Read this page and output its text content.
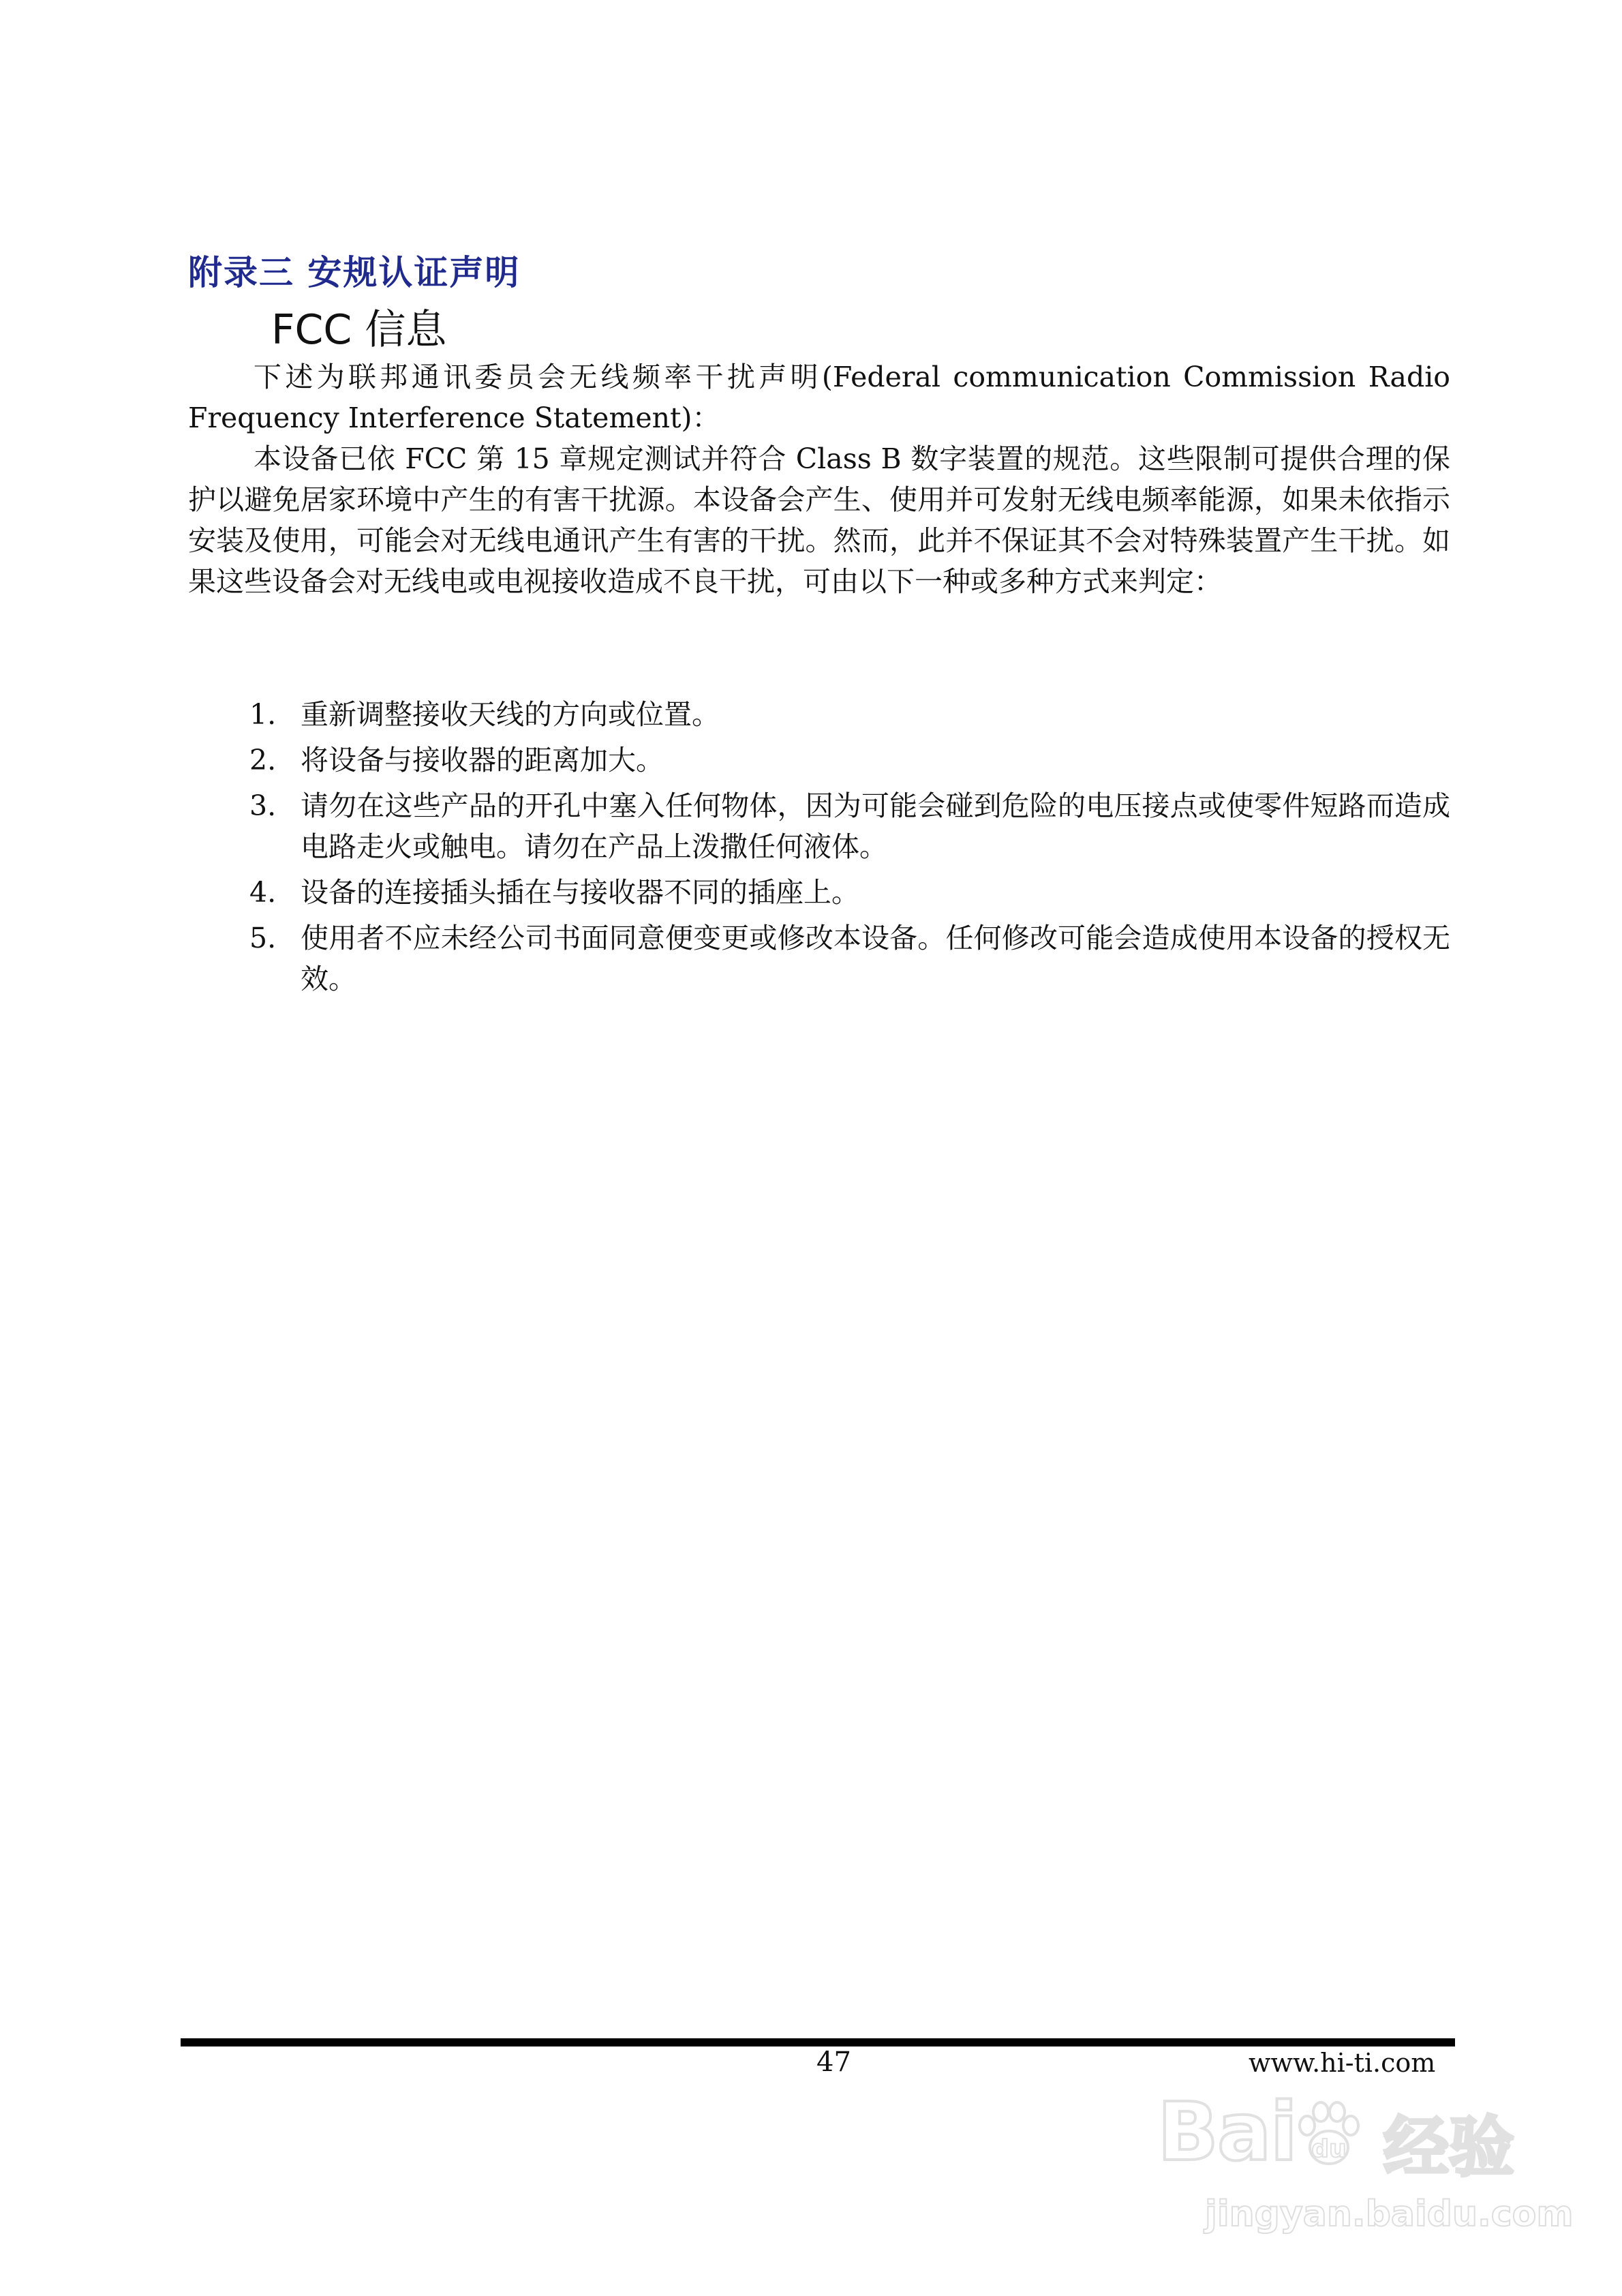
附录三 安规认证声明
FCC 信息

下述为联邦通讯委员会无线频率干扰声明(Federal communication Commission Radio Frequency Interference Statement)：

本设备已依 FCC 第 15 章规定测试并符合 Class B 数字装置的规范。这些限制可提供合理的保护以避免居家环境中产生的有害干扰源。本设备会产生、使用并可发射无线电频率能源，如果未依指示安装及使用，可能会对无线电通讯产生有害的干扰。然而，此并不保证其不会对特殊装置产生干扰。如果这些设备会对无线电或电视接收造成不良干扰，可由以下一种或多种方式来判定：

1. 重新调整接收天线的方向或位置。
2. 将设备与接收器的距离加大。
3. 请勿在这些产品的开孔中塞入任何物体，因为可能会碰到危险的电压接点或使零件短路而造成电路走火或触电。请勿在产品上泼撒任何液体。
4. 设备的连接插头插在与接收器不同的插座上。
5. 使用者不应未经公司书面同意便变更或修改本设备。任何修改可能会造成使用本设备的授权无效。
47	www.hi-ti.com
Bai du 经验
jingyan.baidu.com
